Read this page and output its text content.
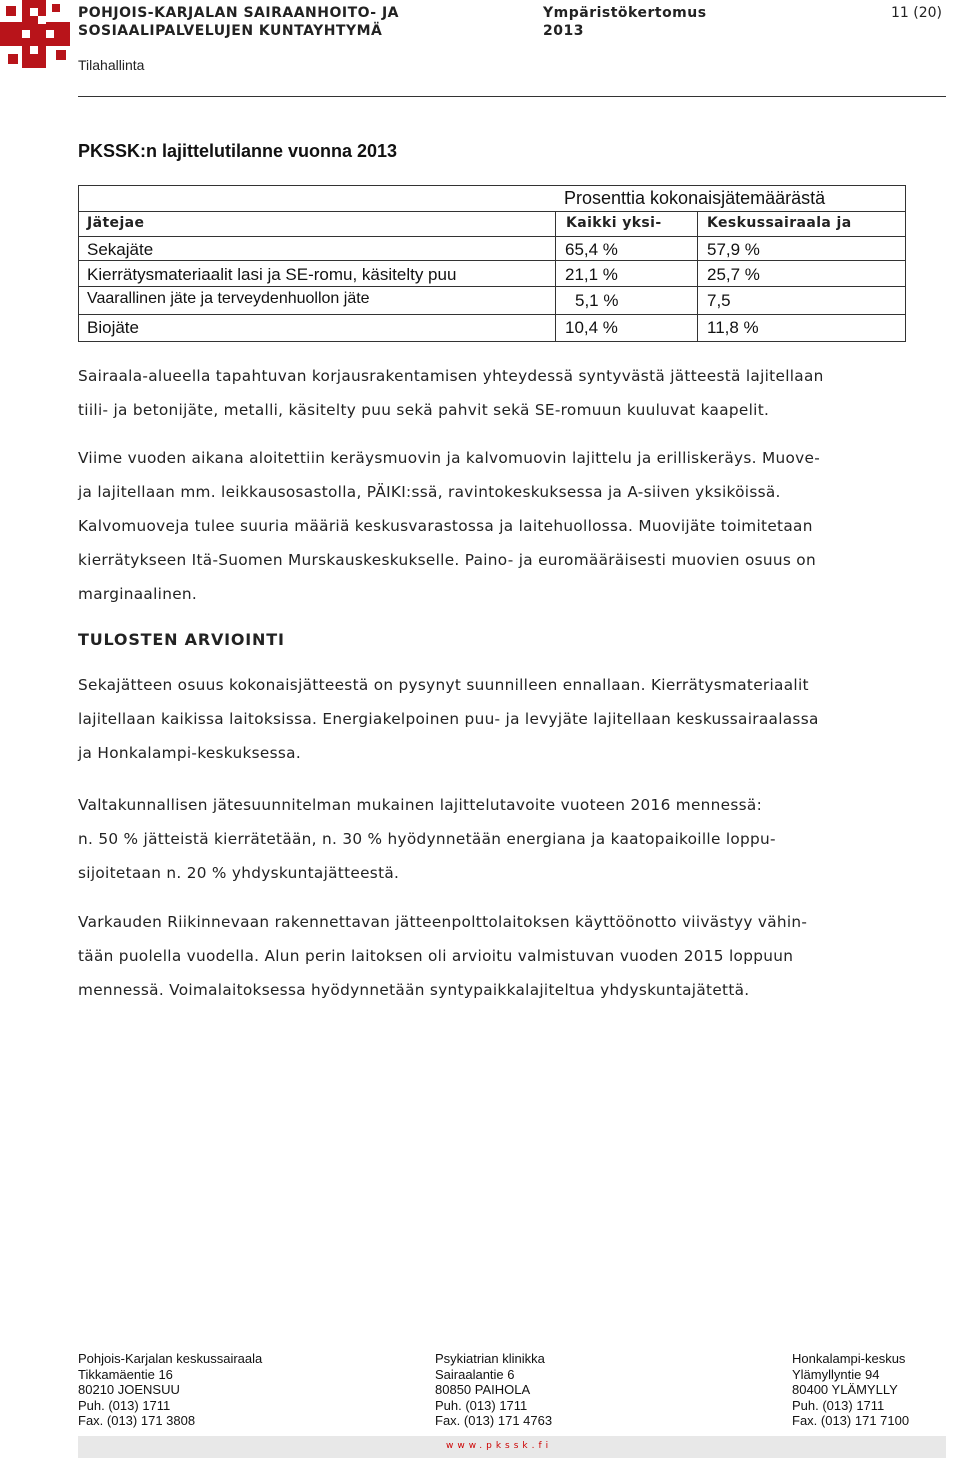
POHJOIS-KARJALAN SAIRAANHOITO- JA
SOSIAALIPALVELUJEN KUNTAYHTYMÄ
Ympäristökertomus
2013
11 (20)
Tilahallinta
PKSSK:n lajittelutilanne vuonna 2013
Prosenttia kokonaisjätemäärästä
Jätejae	Kaikki yksi-	Keskussairaala ja
Sekajäte	65,4 %	57,9 %
Kierrätysmateriaalit lasi ja SE-romu, käsitelty puu	21,1 %	25,7 %
Vaarallinen jäte ja terveydenhuollon jäte	5,1 %	7,5
Biojäte	10,4 %	11,8 %
Sairaala-alueella tapahtuvan korjausrakentamisen yhteydessä syntyvästä jätteestä lajitellaan
tiili- ja betonijäte, metalli, käsitelty puu sekä pahvit sekä SE-romuun kuuluvat kaapelit.
Viime vuoden aikana aloitettiin keräysmuovin ja kalvomuovin lajittelu ja erilliskeräys. Muove-
ja lajitellaan mm. leikkausosastolla, PÄIKI:ssä, ravintokeskuksessa ja A-siiven yksiköissä.
Kalvomuoveja tulee suuria määriä keskusvarastossa ja laitehuollossa. Muovijäte toimitetaan
kierrätykseen Itä-Suomen Murskauskeskukselle. Paino- ja euromääräisesti muovien osuus on
marginaalinen.
TULOSTEN ARVIOINTI
Sekajätteen osuus kokonaisjätteestä on pysynyt suunnilleen ennallaan. Kierrätysmateriaalit
lajitellaan kaikissa laitoksissa. Energiakelpoinen puu- ja levyjäte lajitellaan keskussairaalassa
ja Honkalampi-keskuksessa.
Valtakunnallisen jätesuunnitelman mukainen lajittelutavoite vuoteen 2016 mennessä:
n. 50 % jätteistä kierrätetään, n. 30 % hyödynnetään energiana ja kaatopaikoille loppu-
sijoitetaan n. 20 % yhdyskuntajätteestä.
Varkauden Riikinnevaan rakennettavan jätteenpolttolaitoksen käyttöönotto viivästyy vähin-
tään puolella vuodella. Alun perin laitoksen oli arvioitu valmistuvan vuoden 2015 loppuun
mennessä. Voimalaitoksessa hyödynnetään syntypaikkalajiteltua yhdyskuntajätettä.
Pohjois-Karjalan keskussairaala
Tikkamäentie 16
80210 JOENSUU
Puh. (013) 1711
Fax. (013) 171 3808
Psykiatrian klinikka
Sairaalantie 6
80850 PAIHOLA
Puh. (013) 1711
Fax. (013) 171 4763
Honkalampi-keskus
Ylämyllyntie 94
80400 YLÄMYLLY
Puh. (013) 1711
Fax. (013) 171 7100
www.pkssk.fi
